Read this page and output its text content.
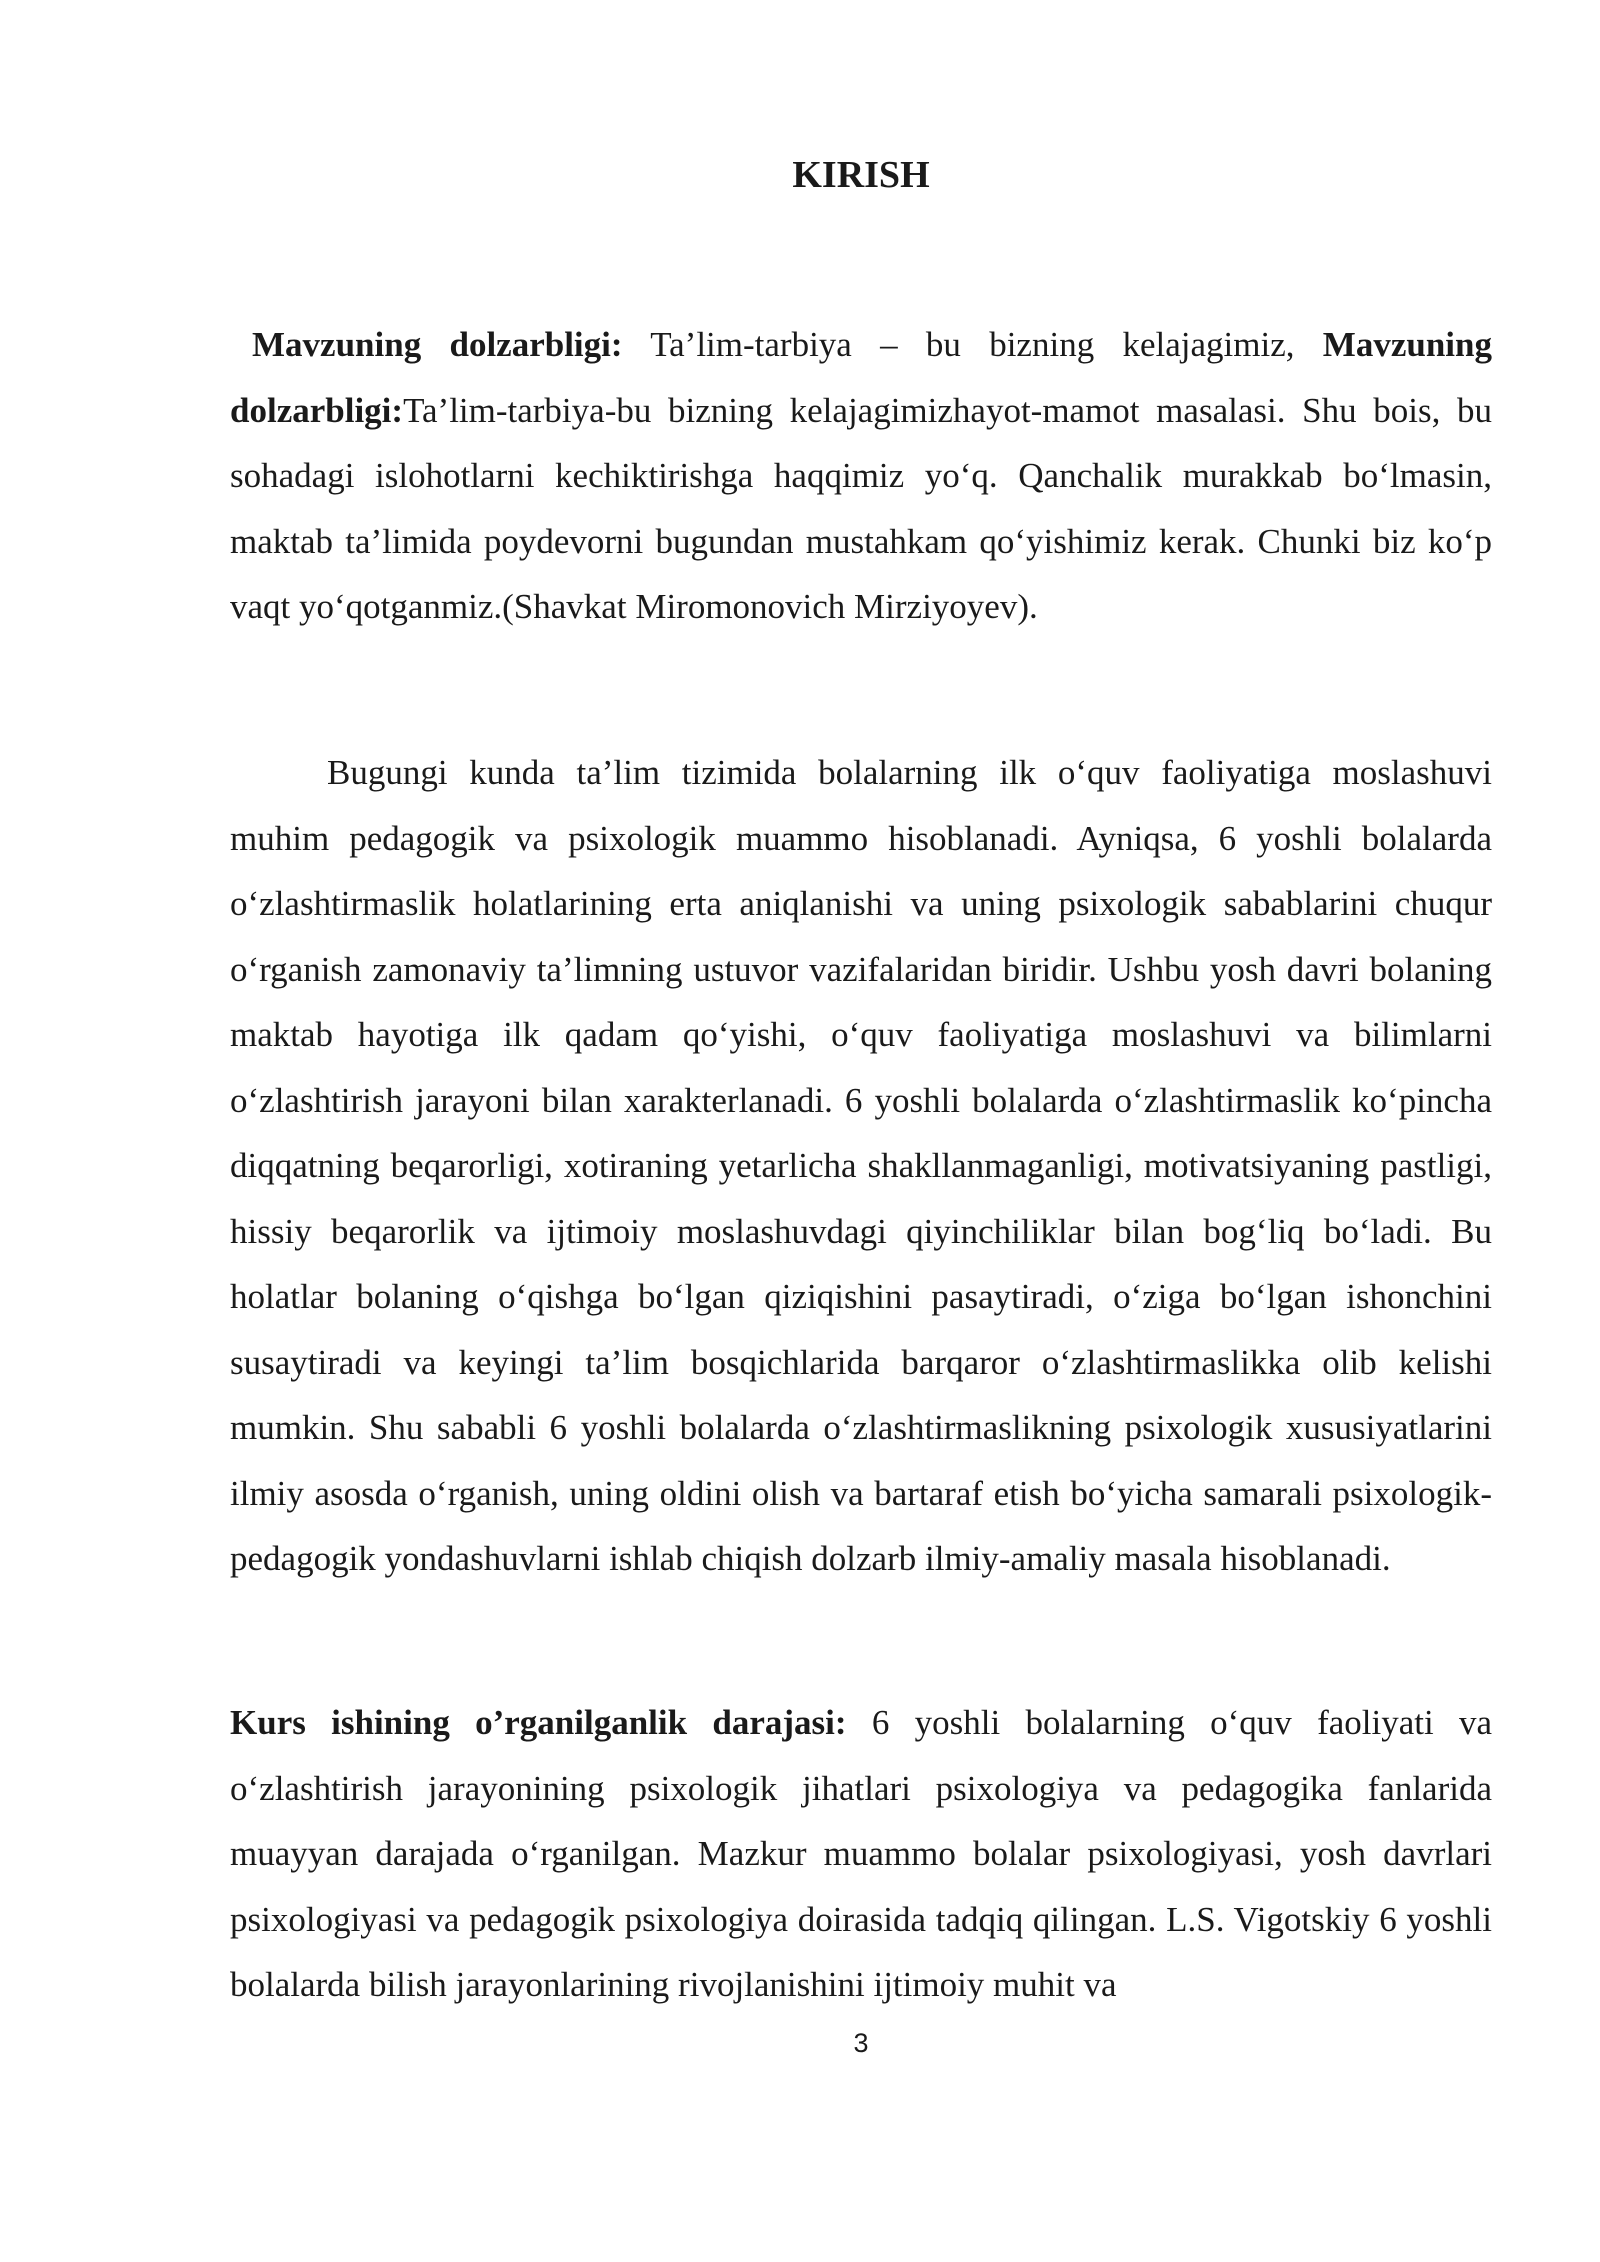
KIRISH

Mavzuning dolzarbligi: Ta’lim-tarbiya – bu bizning kelajagimiz, Mavzuning dolzarbligi:Ta’lim-tarbiya-bu bizning kelajagimizhayot-mamot masalasi. Shu bois, bu sohadagi islohotlarni kechiktirishga haqqimiz yo‘q. Qanchalik murakkab bo‘lmasin, maktab ta’limida poydevorni bugundan mustahkam qo‘yishimiz kerak. Chunki biz ko‘p vaqt yo‘qotganmiz.(Shavkat Miromonovich Mirziyoyev).

Bugungi kunda ta’lim tizimida bolalarning ilk o‘quv faoliyatiga moslashuvi muhim pedagogik va psixologik muammo hisoblanadi. Ayniqsa, 6 yoshli bolalarda o‘zlashtirmaslik holatlarining erta aniqlanishi va uning psixologik sabablarini chuqur o‘rganish zamonaviy ta’limning ustuvor vazifalaridan biridir. Ushbu yosh davri bolaning maktab hayotiga ilk qadam qo‘yishi, o‘quv faoliyatiga moslashuvi va bilimlarni o‘zlashtirish jarayoni bilan xarakterlanadi. 6 yoshli bolalarda o‘zlashtirmaslik ko‘pincha diqqatning beqarorligi, xotiraning yetarlicha shakllanmaganligi, motivatsiyaning pastligi, hissiy beqarorlik va ijtimoiy moslashuvdagi qiyinchiliklar bilan bog‘liq bo‘ladi. Bu holatlar bolaning o‘qishga bo‘lgan qiziqishini pasaytiradi, o‘ziga bo‘lgan ishonchini susaytiradi va keyingi ta’lim bosqichlarida barqaror o‘zlashtirmaslikka olib kelishi mumkin. Shu sababli 6 yoshli bolalarda o‘zlashtirmaslikning psixologik xususiyatlarini ilmiy asosda o‘rganish, uning oldini olish va bartaraf etish bo‘yicha samarali psixologik-pedagogik yondashuvlarni ishlab chiqish dolzarb ilmiy-amaliy masala hisoblanadi.

Kurs ishining o’rganilganlik darajasi: 6 yoshli bolalarning o‘quv faoliyati va o‘zlashtirish jarayonining psixologik jihatlari psixologiya va pedagogika fanlarida muayyan darajada o‘rganilgan. Mazkur muammo bolalar psixologiyasi, yosh davrlari psixologiyasi va pedagogik psixologiya doirasida tadqiq qilingan. L.S. Vigotskiy 6 yoshli bolalarda bilish jarayonlarining rivojlanishini ijtimoiy muhit va

3
